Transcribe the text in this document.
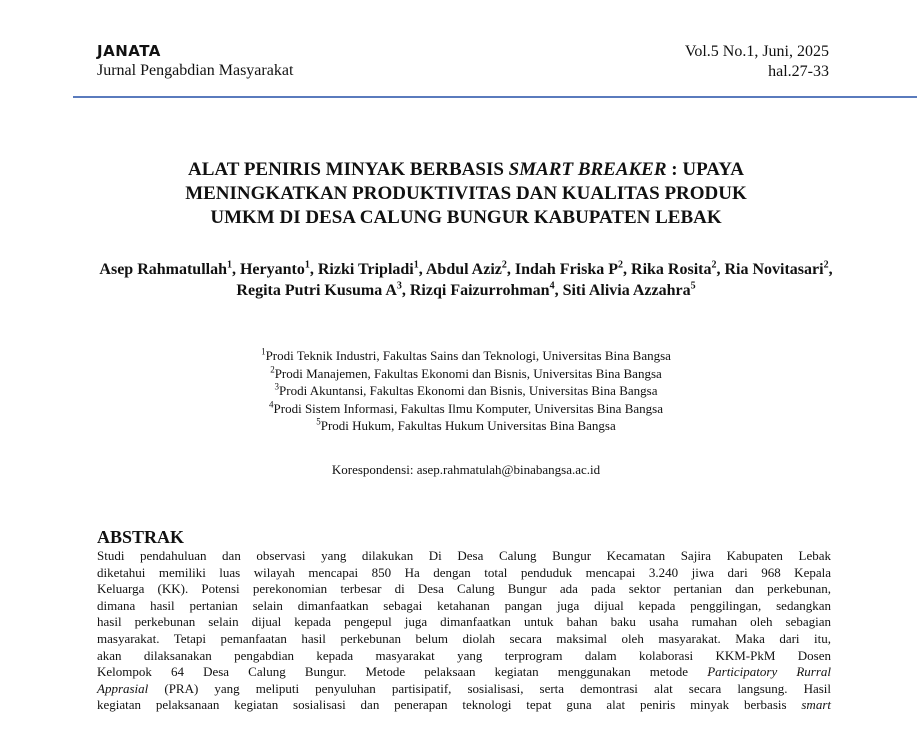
JANATA
Jurnal Pengabdian Masyarakat
Vol.5 No.1, Juni, 2025
hal.27-33
ALAT PENIRIS MINYAK BERBASIS SMART BREAKER : UPAYA
MENINGKATKAN PRODUKTIVITAS DAN KUALITAS PRODUK
UMKM DI DESA CALUNG BUNGUR KABUPATEN LEBAK
Asep Rahmatullah$^1$, Heryanto$^1$, Rizki Tripladi$^1$, Abdul Aziz$^2$, Indah Friska $P^2$, Rika Rosita$^2$, Ria Novitasari$^2$, Regita Putri Kusuma $A^3$, Rizqi Faizurrohman$^4$, Siti Alivia Azzahra$^5$
$^1$Prodi Teknik Industri, Fakultas Sains dan Teknologi, Universitas Bina Bangsa
$^2$Prodi Manajemen, Fakultas Ekonomi dan Bisnis, Universitas Bina Bangsa
$^3$Prodi Akuntansi, Fakultas Ekonomi dan Bisnis, Universitas Bina Bangsa
$^4$Prodi Sistem Informasi, Fakultas Ilmu Komputer, Universitas Bina Bangsa
$^5$Prodi Hukum, Fakultas Hukum Universitas Bina Bangsa
Korespondensi: asep.rahmatulah@binabangsa.ac.id
ABSTRAK
Studi pendahuluan dan observasi yang dilakukan Di Desa Calung Bungur Kecamatan Sajira Kabupaten Lebak
diketahui memiliki luas wilayah mencapai 850 Ha dengan total penduduk mencapai 3.240 jiwa dari 968 Kepala
Keluarga (KK). Potensi perekonomian terbesar di Desa Calung Bungur ada pada sektor pertanian dan perkebunan,
dimana hasil pertanian selain dimanfaatkan sebagai ketahanan pangan juga dijual kepada penggilingan, sedangkan
hasil perkebunan selain dijual kepada pengepul juga dimanfaatkan untuk bahan baku usaha rumahan oleh sebagian
masyarakat. Tetapi pemanfaatan hasil perkebunan belum diolah secara maksimal oleh masyarakat. Maka dari itu,
akan dilaksanakan pengabdian kepada masyarakat yang terprogram dalam kolaborasi KKM-PkM Dosen
Kelompok 64 Desa Calung Bungur. Metode pelaksaan kegiatan menggunakan metode Participatory Rurral
Apprasial (PRA) yang meliputi penyuluhan partisipatif, sosialisasi, serta demontrasi alat secara langsung. Hasil
kegiatan pelaksanaan kegiatan sosialisasi dan penerapan teknologi tepat guna alat peniris minyak berbasis smart
